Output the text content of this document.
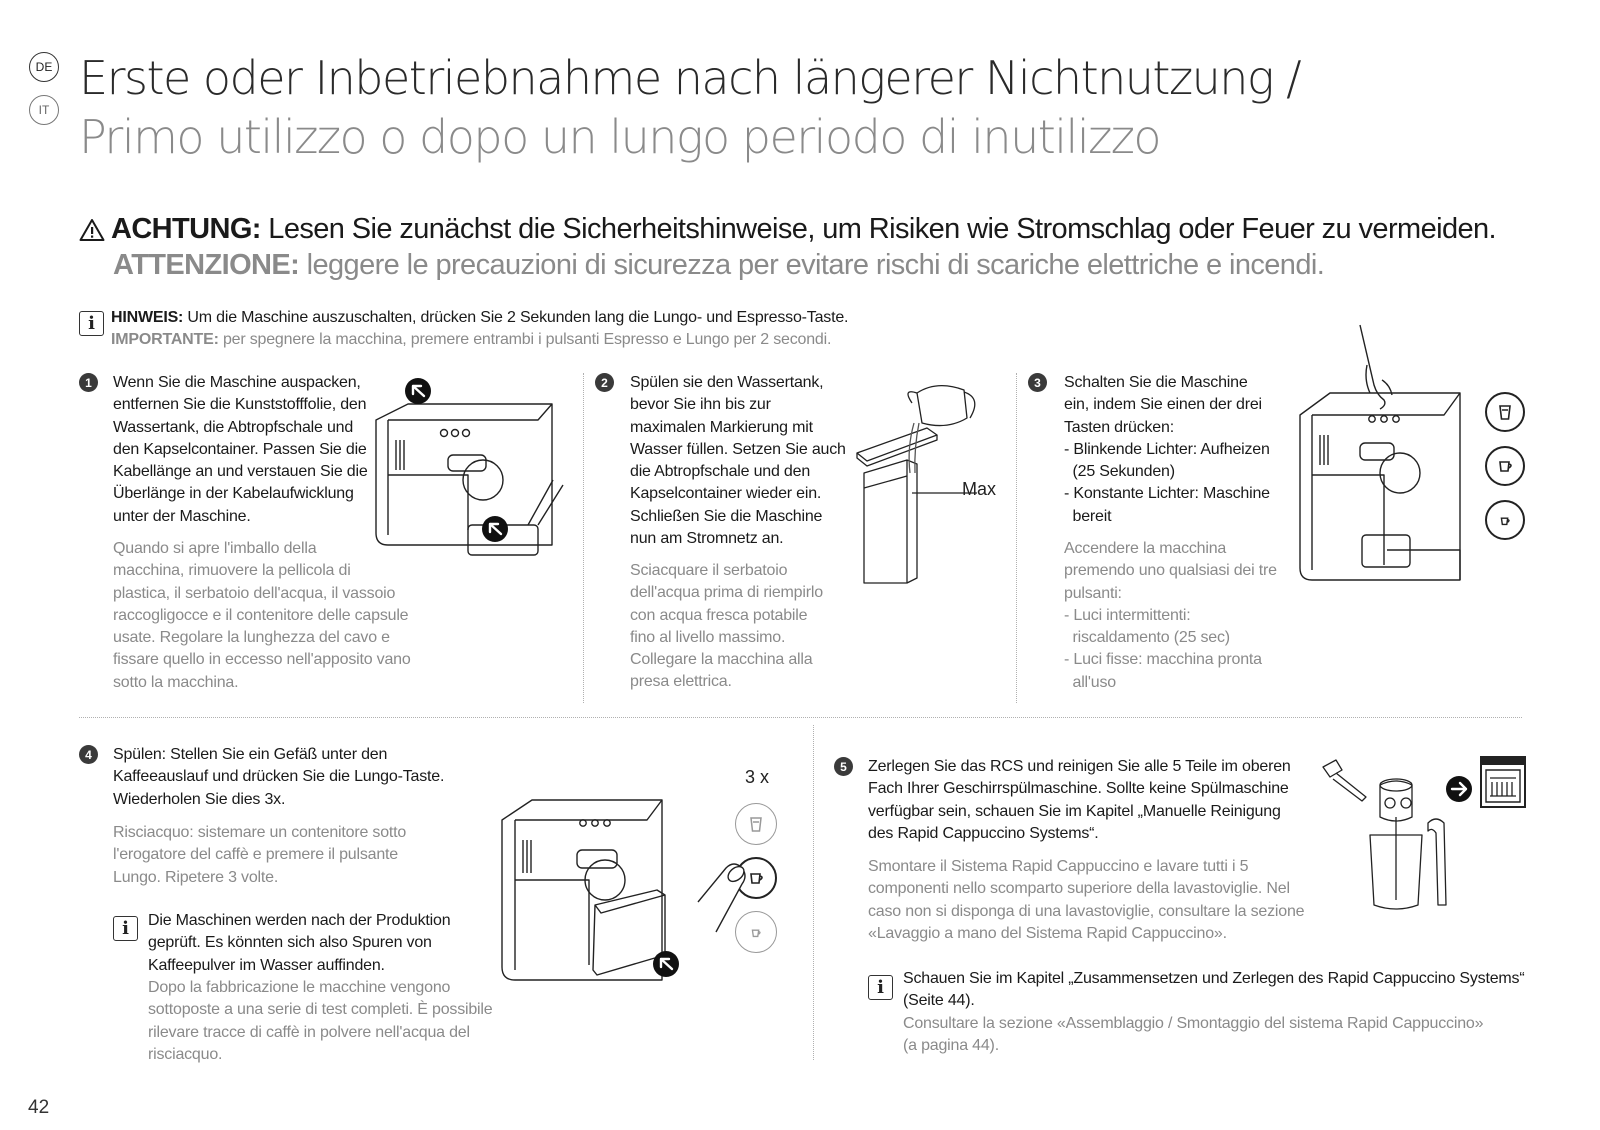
DE
IT
Erste oder Inbetriebnahme nach längerer Nichtnutzung /
Primo utilizzo o dopo un lungo periodo di inutilizzo
ACHTUNG: Lesen Sie zunächst die Sicherheitshinweise, um Risiken wie Stromschlag oder Feuer zu vermeiden.
ATTENZIONE: leggere le precauzioni di sicurezza per evitare rischi di scariche elettriche e incendi.
i	HINWEIS: Um die Maschine auszuschalten, drücken Sie 2 Sekunden lang die Lungo- und Espresso-Taste.
IMPORTANTE: per spegnere la macchina, premere entrambi i pulsanti Espresso e Lungo per 2 secondi.
1	Wenn Sie die Maschine auspacken,
entfernen Sie die Kunststofffolie, den
Wassertank, die Abtropfschale und
den Kapselcontainer. Passen Sie die
Kabellänge an und verstauen Sie die
Überlänge in der Kabelaufwicklung
unter der Maschine.
Quando si apre l'imballo della
macchina, rimuovere la pellicola di
plastica, il serbatoio dell'acqua, il vassoio
raccogligocce e il contenitore delle capsule
usate. Regolare la lunghezza del cavo e
fissare quello in eccesso nell'apposito vano
sotto la macchina.
2	Spülen sie den Wassertank,
bevor Sie ihn bis zur
maximalen Markierung mit
Wasser füllen. Setzen Sie auch
die Abtropfschale und den
Kapselcontainer wieder ein.
Schließen Sie die Maschine
nun am Stromnetz an.
Sciacquare il serbatoio
dell'acqua prima di riempirlo
con acqua fresca potabile
fino al livello massimo.
Collegare la macchina alla
presa elettrica.
Max
3	Schalten Sie die Maschine
ein, indem Sie einen der drei
Tasten drücken:
- Blinkende Lichter: Aufheizen
(25 Sekunden)
- Konstante Lichter: Maschine
bereit
Accendere la macchina
premendo uno qualsiasi dei tre
pulsanti:
- Luci intermittenti:
riscaldamento (25 sec)
- Luci fisse: macchina pronta
all'uso
4	Spülen: Stellen Sie ein Gefäß unter den
Kaffeeauslauf und drücken Sie die Lungo-Taste.
Wiederholen Sie dies 3x.
Risciacquo: sistemare un contenitore sotto
l'erogatore del caffè e premere il pulsante
Lungo. Ripetere 3 volte.
i	Die Maschinen werden nach der Produktion
geprüft. Es könnten sich also Spuren von
Kaffeepulver im Wasser auffinden.
Dopo la fabbricazione le macchine vengono
sottoposte a una serie di test completi. È possibile
rilevare tracce di caffè in polvere nell'acqua del
risciacquo.
3 x
5	Zerlegen Sie das RCS und reinigen Sie alle 5 Teile im oberen
Fach Ihrer Geschirrspülmaschine. Sollte keine Spülmaschine
verfügbar sein, schauen Sie im Kapitel „Manuelle Reinigung
des Rapid Cappuccino Systems“.
Smontare il Sistema Rapid Cappuccino e lavare tutti i 5
componenti nello scomparto superiore della lavastoviglie. Nel
caso non si disponga di una lavastoviglie, consultare la sezione
«Lavaggio a mano del Sistema Rapid Cappuccino».
i	Schauen Sie im Kapitel „Zusammensetzen und Zerlegen des Rapid Cappuccino Systems“
(Seite 44).
Consultare la sezione «Assemblaggio / Smontaggio del sistema Rapid Cappuccino»
(a pagina 44).
42
